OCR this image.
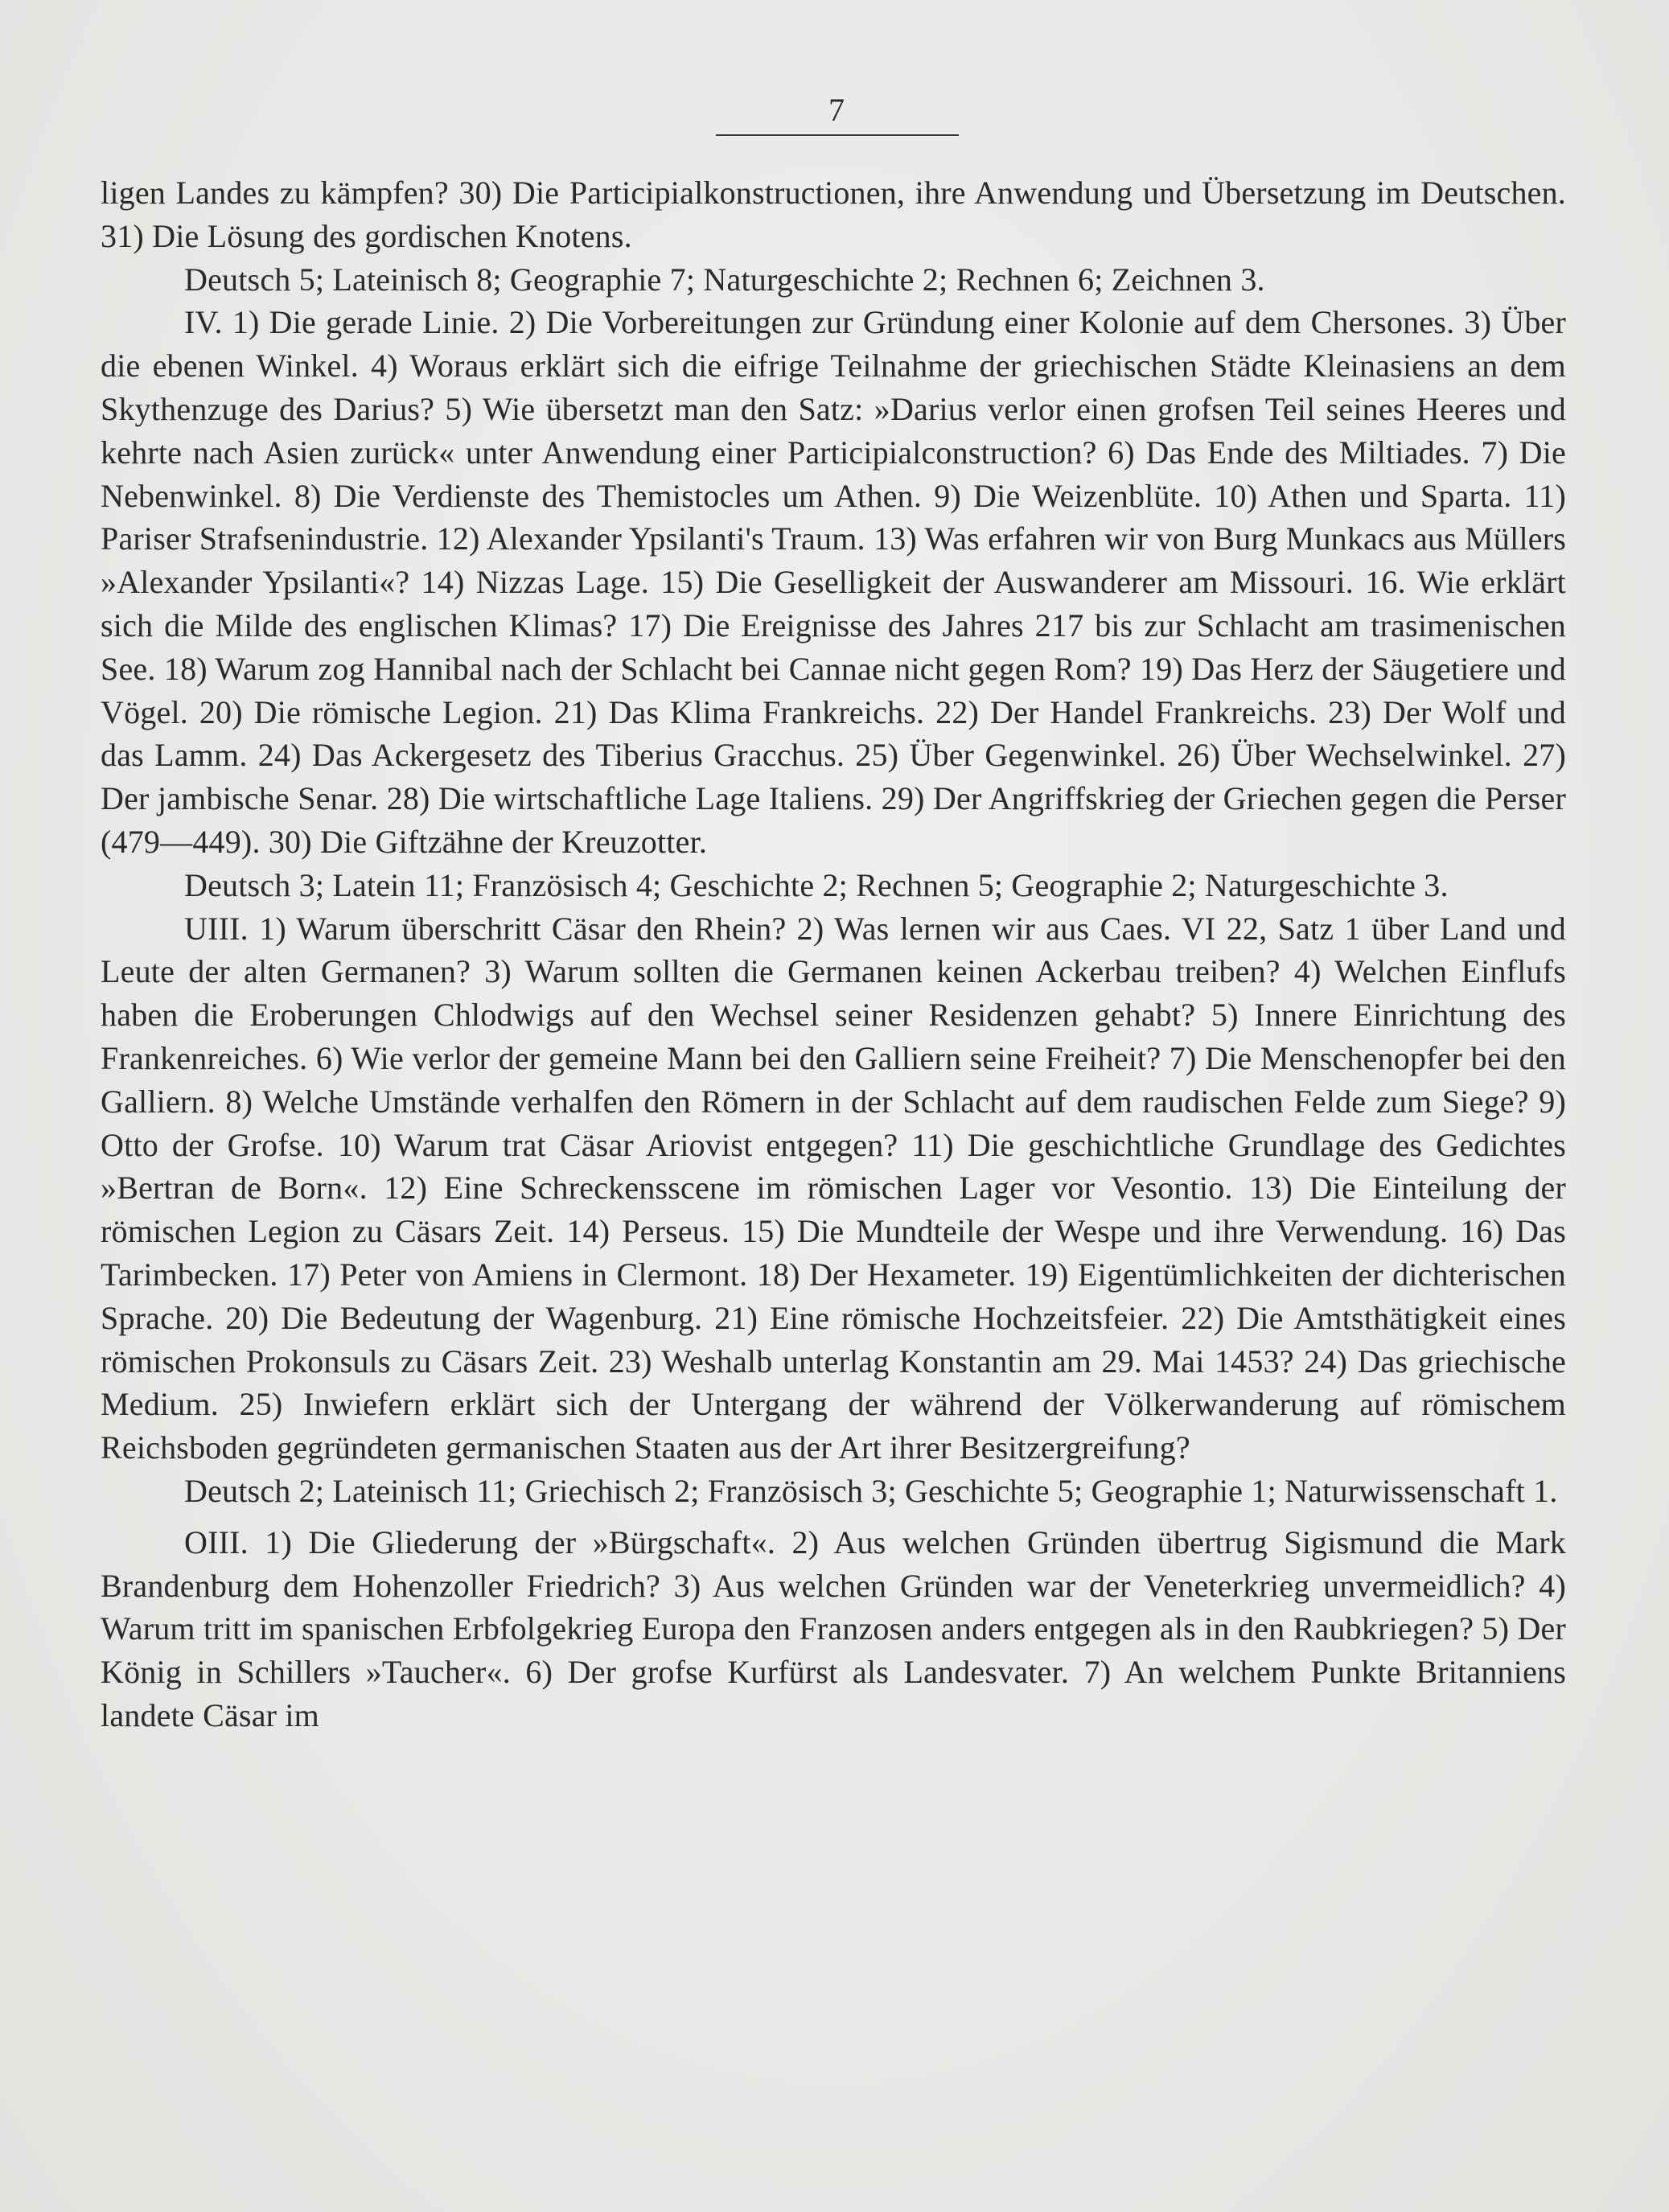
7

ligen Landes zu kämpfen? 30) Die Participialkonstructionen, ihre Anwendung und Übersetzung im Deutschen. 31) Die Lösung des gordischen Knotens.

Deutsch 5; Lateinisch 8; Geographie 7; Naturgeschichte 2; Rechnen 6; Zeichnen 3.

IV. 1) Die gerade Linie. 2) Die Vorbereitungen zur Gründung einer Kolonie auf dem Chersones. 3) Über die ebenen Winkel. 4) Woraus erklärt sich die eifrige Teilnahme der griechischen Städte Kleinasiens an dem Skythenzuge des Darius? 5) Wie übersetzt man den Satz: »Darius verlor einen grofsen Teil seines Heeres und kehrte nach Asien zurück« unter Anwendung einer Participialconstruction? 6) Das Ende des Miltiades. 7) Die Nebenwinkel. 8) Die Verdienste des Themistocles um Athen. 9) Die Weizenblüte. 10) Athen und Sparta. 11) Pariser Strafsenindustrie. 12) Alexander Ypsilanti's Traum. 13) Was erfahren wir von Burg Munkacs aus Müllers »Alexander Ypsilanti«? 14) Nizzas Lage. 15) Die Geselligkeit der Auswanderer am Missouri. 16. Wie erklärt sich die Milde des englischen Klimas? 17) Die Ereignisse des Jahres 217 bis zur Schlacht am trasimenischen See. 18) Warum zog Hannibal nach der Schlacht bei Cannae nicht gegen Rom? 19) Das Herz der Säugetiere und Vögel. 20) Die römische Legion. 21) Das Klima Frankreichs. 22) Der Handel Frankreichs. 23) Der Wolf und das Lamm. 24) Das Ackergesetz des Tiberius Gracchus. 25) Über Gegenwinkel. 26) Über Wechselwinkel. 27) Der jambische Senar. 28) Die wirtschaftliche Lage Italiens. 29) Der Angriffskrieg der Griechen gegen die Perser (479—449). 30) Die Giftzähne der Kreuzotter.

Deutsch 3; Latein 11; Französisch 4; Geschichte 2; Rechnen 5; Geographie 2; Naturgeschichte 3.

UIII. 1) Warum überschritt Cäsar den Rhein? 2) Was lernen wir aus Caes. VI 22, Satz 1 über Land und Leute der alten Germanen? 3) Warum sollten die Germanen keinen Ackerbau treiben? 4) Welchen Einflufs haben die Eroberungen Chlodwigs auf den Wechsel seiner Residenzen gehabt? 5) Innere Einrichtung des Frankenreiches. 6) Wie verlor der gemeine Mann bei den Galliern seine Freiheit? 7) Die Menschenopfer bei den Galliern. 8) Welche Umstände verhalfen den Römern in der Schlacht auf dem raudischen Felde zum Siege? 9) Otto der Grofse. 10) Warum trat Cäsar Ariovist entgegen? 11) Die geschichtliche Grundlage des Gedichtes »Bertran de Born«. 12) Eine Schreckensscene im römischen Lager vor Vesontio. 13) Die Einteilung der römischen Legion zu Cäsars Zeit. 14) Perseus. 15) Die Mundteile der Wespe und ihre Verwendung. 16) Das Tarimbecken. 17) Peter von Amiens in Clermont. 18) Der Hexameter. 19) Eigentümlichkeiten der dichterischen Sprache. 20) Die Bedeutung der Wagenburg. 21) Eine römische Hochzeitsfeier. 22) Die Amtsthätigkeit eines römischen Prokonsuls zu Cäsars Zeit. 23) Weshalb unterlag Konstantin am 29. Mai 1453? 24) Das griechische Medium. 25) Inwiefern erklärt sich der Untergang der während der Völkerwanderung auf römischem Reichsboden gegründeten germanischen Staaten aus der Art ihrer Besitzergreifung?

Deutsch 2; Lateinisch 11; Griechisch 2; Französisch 3; Geschichte 5; Geographie 1; Naturwissenschaft 1.

OIII. 1) Die Gliederung der »Bürgschaft«. 2) Aus welchen Gründen übertrug Sigismund die Mark Brandenburg dem Hohenzoller Friedrich? 3) Aus welchen Gründen war der Veneterkrieg unvermeidlich? 4) Warum tritt im spanischen Erbfolgekrieg Europa den Franzosen anders entgegen als in den Raubkriegen? 5) Der König in Schillers »Taucher«. 6) Der grofse Kurfürst als Landesvater. 7) An welchem Punkte Britanniens landete Cäsar im
